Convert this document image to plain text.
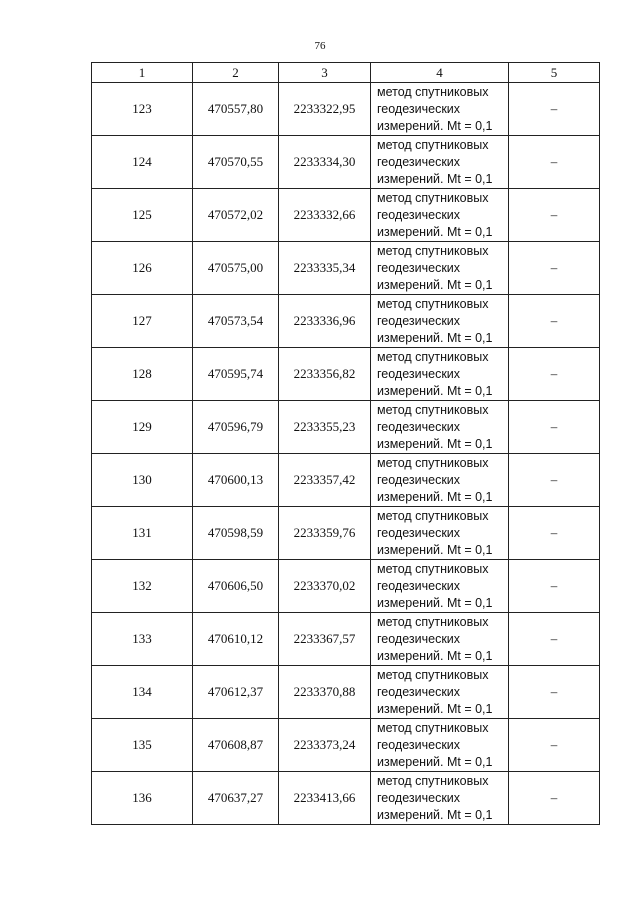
76
1	2	3	4	5
123	470557,80	2233322,95	метод спутниковых
геодезических
измерений. Mt = 0,1	–
124	470570,55	2233334,30	метод спутниковых
геодезических
измерений. Mt = 0,1	–
125	470572,02	2233332,66	метод спутниковых
геодезических
измерений. Mt = 0,1	–
126	470575,00	2233335,34	метод спутниковых
геодезических
измерений. Mt = 0,1	–
127	470573,54	2233336,96	метод спутниковых
геодезических
измерений. Mt = 0,1	–
128	470595,74	2233356,82	метод спутниковых
геодезических
измерений. Mt = 0,1	–
129	470596,79	2233355,23	метод спутниковых
геодезических
измерений. Mt = 0,1	–
130	470600,13	2233357,42	метод спутниковых
геодезических
измерений. Mt = 0,1	–
131	470598,59	2233359,76	метод спутниковых
геодезических
измерений. Mt = 0,1	–
132	470606,50	2233370,02	метод спутниковых
геодезических
измерений. Mt = 0,1	–
133	470610,12	2233367,57	метод спутниковых
геодезических
измерений. Mt = 0,1	–
134	470612,37	2233370,88	метод спутниковых
геодезических
измерений. Mt = 0,1	–
135	470608,87	2233373,24	метод спутниковых
геодезических
измерений. Mt = 0,1	–
136	470637,27	2233413,66	метод спутниковых
геодезических
измерений. Mt = 0,1	–
